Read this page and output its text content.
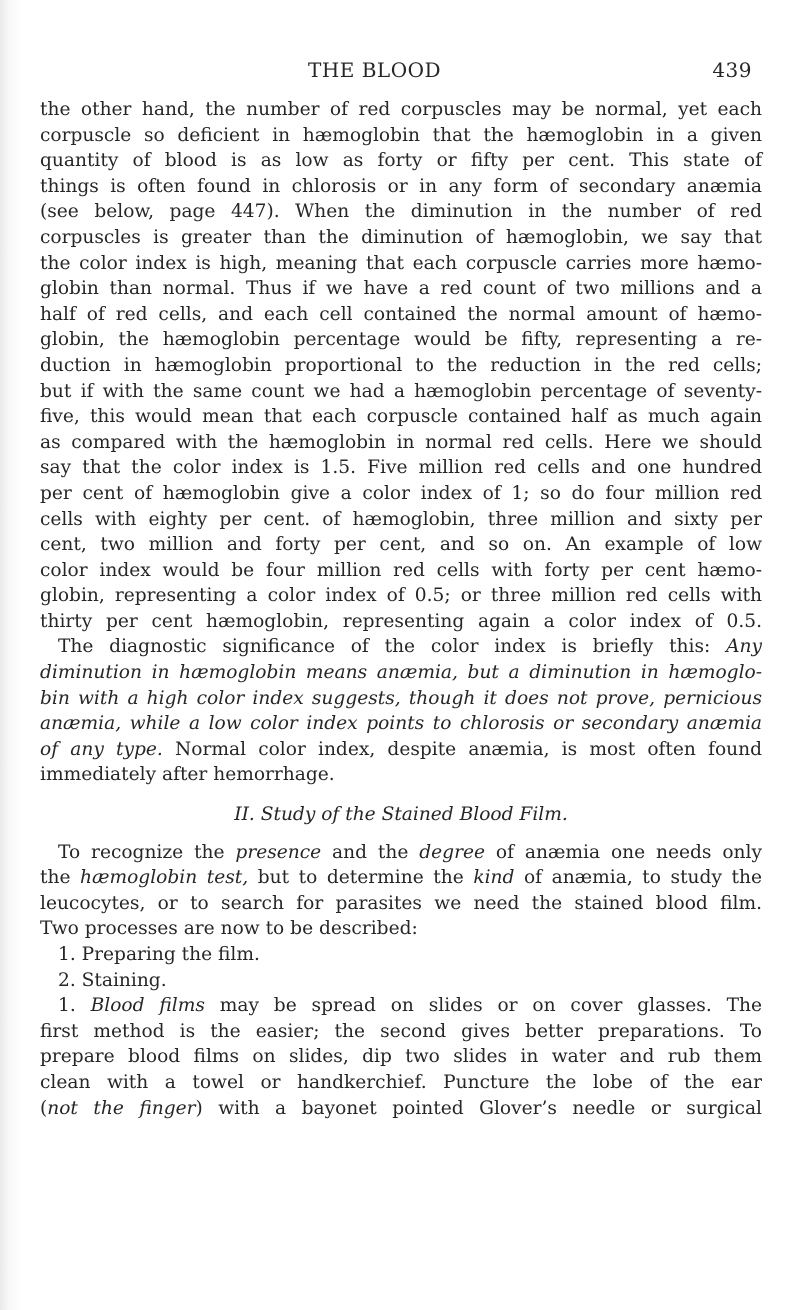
THE BLOOD	439
the other hand, the number of red corpuscles may be normal, yet each
corpuscle so deficient in hæmoglobin that the hæmoglobin in a given
quantity of blood is as low as forty or fifty per cent. This state of
things is often found in chlorosis or in any form of secondary anæmia
(see below, page 447). When the diminution in the number of red
corpuscles is greater than the diminution of hæmoglobin, we say that
the color index is high, meaning that each corpuscle carries more hæmo-
globin than normal. Thus if we have a red count of two millions and a
half of red cells, and each cell contained the normal amount of hæmo-
globin, the hæmoglobin percentage would be fifty, representing a re-
duction in hæmoglobin proportional to the reduction in the red cells;
but if with the same count we had a hæmoglobin percentage of seventy-
five, this would mean that each corpuscle contained half as much again
as compared with the hæmoglobin in normal red cells. Here we should
say that the color index is 1.5. Five million red cells and one hundred
per cent of hæmoglobin give a color index of 1; so do four million red
cells with eighty per cent. of hæmoglobin, three million and sixty per
cent, two million and forty per cent, and so on. An example of low
color index would be four million red cells with forty per cent hæmo-
globin, representing a color index of 0.5; or three million red cells with
thirty per cent hæmoglobin, representing again a color index of 0.5.
The diagnostic significance of the color index is briefly this: Any
diminution in hæmoglobin means anæmia, but a diminution in hæmoglo-
bin with a high color index suggests, though it does not prove, pernicious
anæmia, while a low color index points to chlorosis or secondary anæmia
of any type. Normal color index, despite anæmia, is most often found
immediately after hemorrhage.
II. Study of the Stained Blood Film.
To recognize the presence and the degree of anæmia one needs only
the hæmoglobin test, but to determine the kind of anæmia, to study the
leucocytes, or to search for parasites we need the stained blood film.
Two processes are now to be described:
1. Preparing the film.
2. Staining.
1. Blood films may be spread on slides or on cover glasses. The
first method is the easier; the second gives better preparations. To
prepare blood films on slides, dip two slides in water and rub them
clean with a towel or handkerchief. Puncture the lobe of the ear
(not the finger) with a bayonet pointed Glover’s needle or surgical
